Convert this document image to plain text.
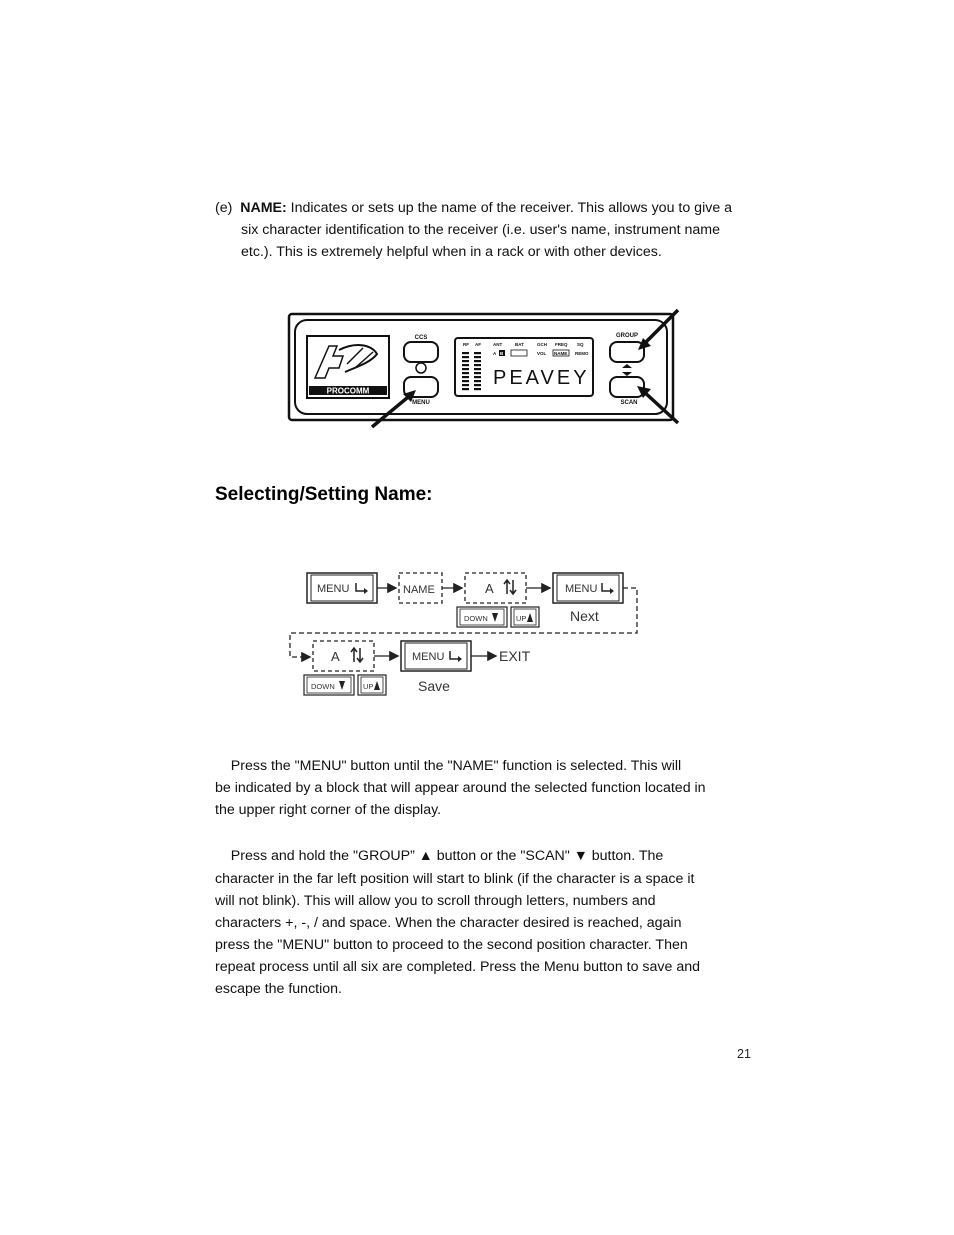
(e) NAME: Indicates or sets up the name of the receiver. This allows you to give a
six character identification to the receiver (i.e. user's name, instrument name
etc.). This is extremely helpful when in a rack or with other devices.
PROCOMM
CCS
MENU
RF AF	ANT	BAT
A B
GCH FREQ SQ
VOL NAME REMO
PEAVEY
GROUP
SCAN
Selecting/Setting Name:
MENU	NAME	A	MENU
DOWN	UP	Next
A	MENU	EXIT
DOWN	UP	Save
Press the "MENU" button until the "NAME" function is selected. This will
be indicated by a block that will appear around the selected function located in
the upper right corner of the display.
Press and hold the "GROUP” ▲ button or the "SCAN" ▼ button. The
character in the far left position will start to blink (if the character is a space it
will not blink). This will allow you to scroll through letters, numbers and
characters +, -, / and space. When the character desired is reached, again
press the "MENU" button to proceed to the second position character. Then
repeat process until all six are completed. Press the Menu button to save and
escape the function.
21
